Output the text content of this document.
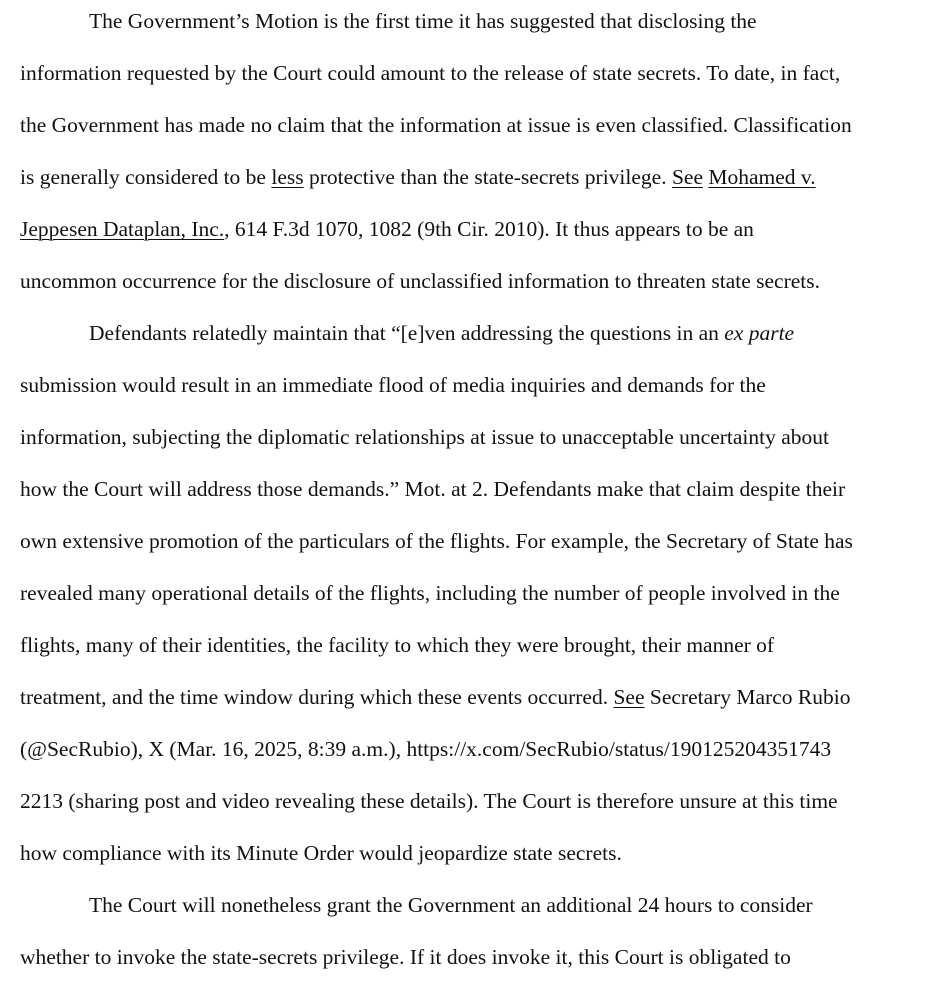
The Government’s Motion is the first time it has suggested that disclosing the
information requested by the Court could amount to the release of state secrets. To date, in fact,
the Government has made no claim that the information at issue is even classified. Classification
is generally considered to be less protective than the state-secrets privilege. See Mohamed v.
Jeppesen Dataplan, Inc., 614 F.3d 1070, 1082 (9th Cir. 2010). It thus appears to be an
uncommon occurrence for the disclosure of unclassified information to threaten state secrets.
Defendants relatedly maintain that “[e]ven addressing the questions in an ex parte
submission would result in an immediate flood of media inquiries and demands for the
information, subjecting the diplomatic relationships at issue to unacceptable uncertainty about
how the Court will address those demands.” Mot. at 2. Defendants make that claim despite their
own extensive promotion of the particulars of the flights. For example, the Secretary of State has
revealed many operational details of the flights, including the number of people involved in the
flights, many of their identities, the facility to which they were brought, their manner of
treatment, and the time window during which these events occurred. See Secretary Marco Rubio
(@SecRubio), X (Mar. 16, 2025, 8:39 a.m.), https://x.com/SecRubio/status/190125204351743
2213 (sharing post and video revealing these details). The Court is therefore unsure at this time
how compliance with its Minute Order would jeopardize state secrets.
The Court will nonetheless grant the Government an additional 24 hours to consider
whether to invoke the state-secrets privilege. If it does invoke it, this Court is obligated to
